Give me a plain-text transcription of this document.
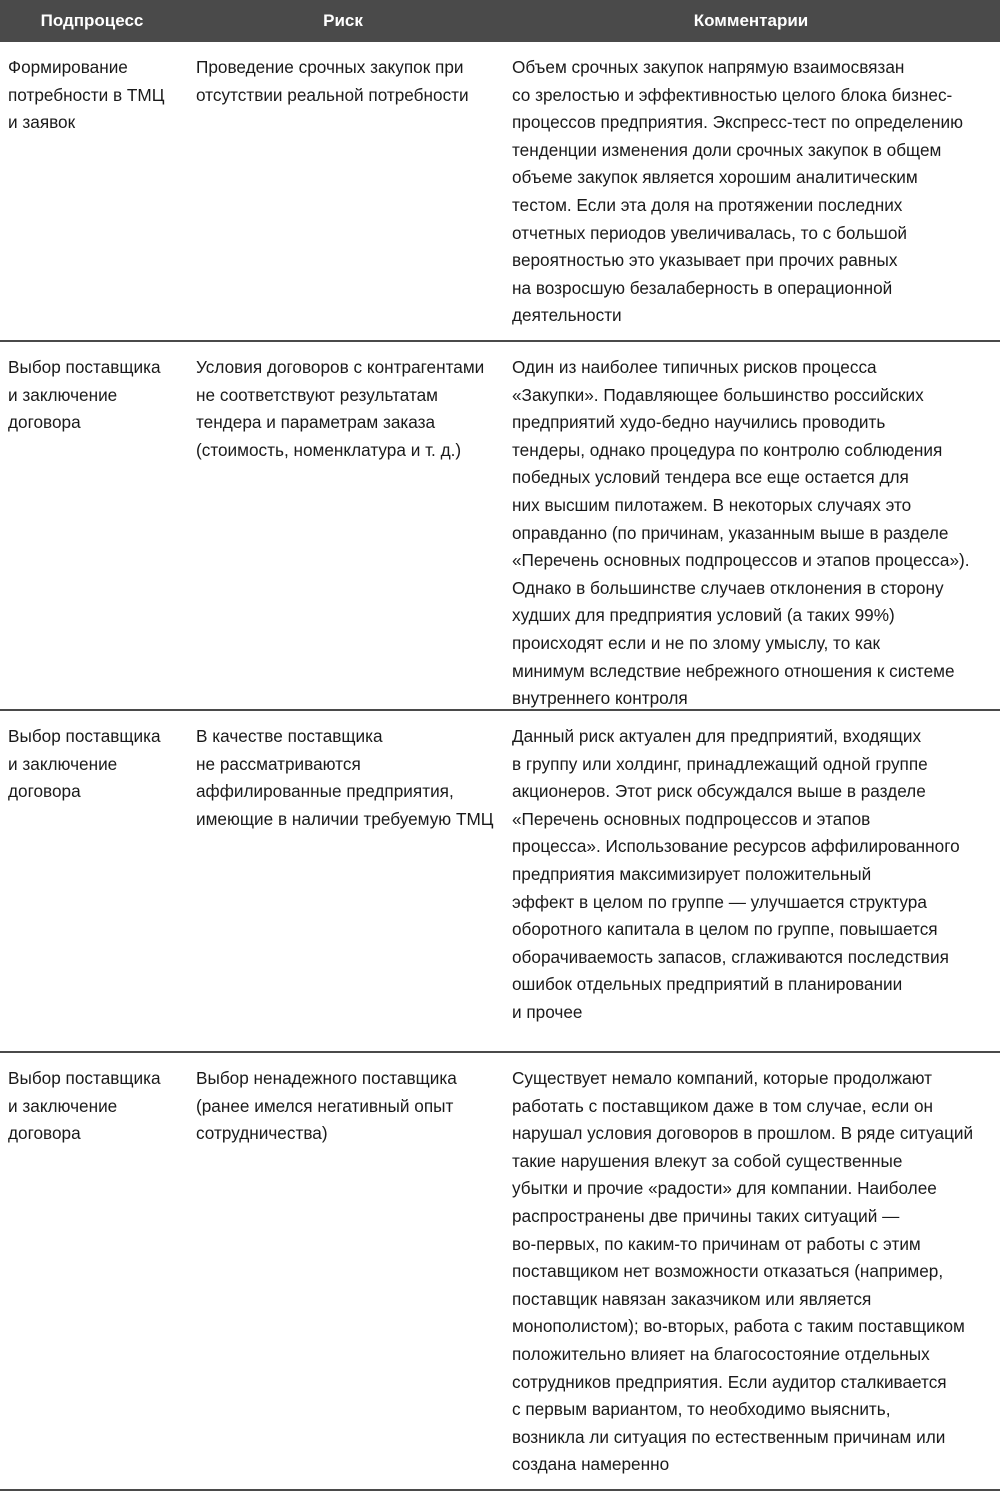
Подпроцесс	Риск	Комментарии
Формирование
потребности в ТМЦ
и заявок
Проведение срочных закупок при
отсутствии реальной потребности
Объем срочных закупок напрямую взаимосвязан
со зрелостью и эффективностью целого блока бизнес-
процессов предприятия. Экспресс-тест по определению
тенденции изменения доли срочных закупок в общем
объеме закупок является хорошим аналитическим
тестом. Если эта доля на протяжении последних
отчетных периодов увеличивалась, то с большой
вероятностью это указывает при прочих равных
на возросшую безалаберность в операционной
деятельности
Выбор поставщика
и заключение
договора
Условия договоров с контрагентами
не соответствуют результатам
тендера и параметрам заказа
(стоимость, номенклатура и т. д.)
Один из наиболее типичных рисков процесса
«Закупки». Подавляющее большинство российских
предприятий худо-бедно научились проводить
тендеры, однако процедура по контролю соблюдения
победных условий тендера все еще остается для
них высшим пилотажем. В некоторых случаях это
оправданно (по причинам, указанным выше в разделе
«Перечень основных подпроцессов и этапов процесса»).
Однако в большинстве случаев отклонения в сторону
худших для предприятия условий (а таких 99%)
происходят если и не по злому умыслу, то как
минимум вследствие небрежного отношения к системе
внутреннего контроля
Выбор поставщика
и заключение
договора
В качестве поставщика
не рассматриваются
аффилированные предприятия,
имеющие в наличии требуемую ТМЦ
Данный риск актуален для предприятий, входящих
в группу или холдинг, принадлежащий одной группе
акционеров. Этот риск обсуждался выше в разделе
«Перечень основных подпроцессов и этапов
процесса». Использование ресурсов аффилированного
предприятия максимизирует положительный
эффект в целом по группе — улучшается структура
оборотного капитала в целом по группе, повышается
оборачиваемость запасов, сглаживаются последствия
ошибок отдельных предприятий в планировании
и прочее
Выбор поставщика
и заключение
договора
Выбор ненадежного поставщика
(ранее имелся негативный опыт
сотрудничества)
Существует немало компаний, которые продолжают
работать с поставщиком даже в том случае, если он
нарушал условия договоров в прошлом. В ряде ситуаций
такие нарушения влекут за собой существенные
убытки и прочие «радости» для компании. Наиболее
распространены две причины таких ситуаций —
во-первых, по каким-то причинам от работы с этим
поставщиком нет возможности отказаться (например,
поставщик навязан заказчиком или является
монополистом); во-вторых, работа с таким поставщиком
положительно влияет на благосостояние отдельных
сотрудников предприятия. Если аудитор сталкивается
с первым вариантом, то необходимо выяснить,
возникла ли ситуация по естественным причинам или
создана намеренно
